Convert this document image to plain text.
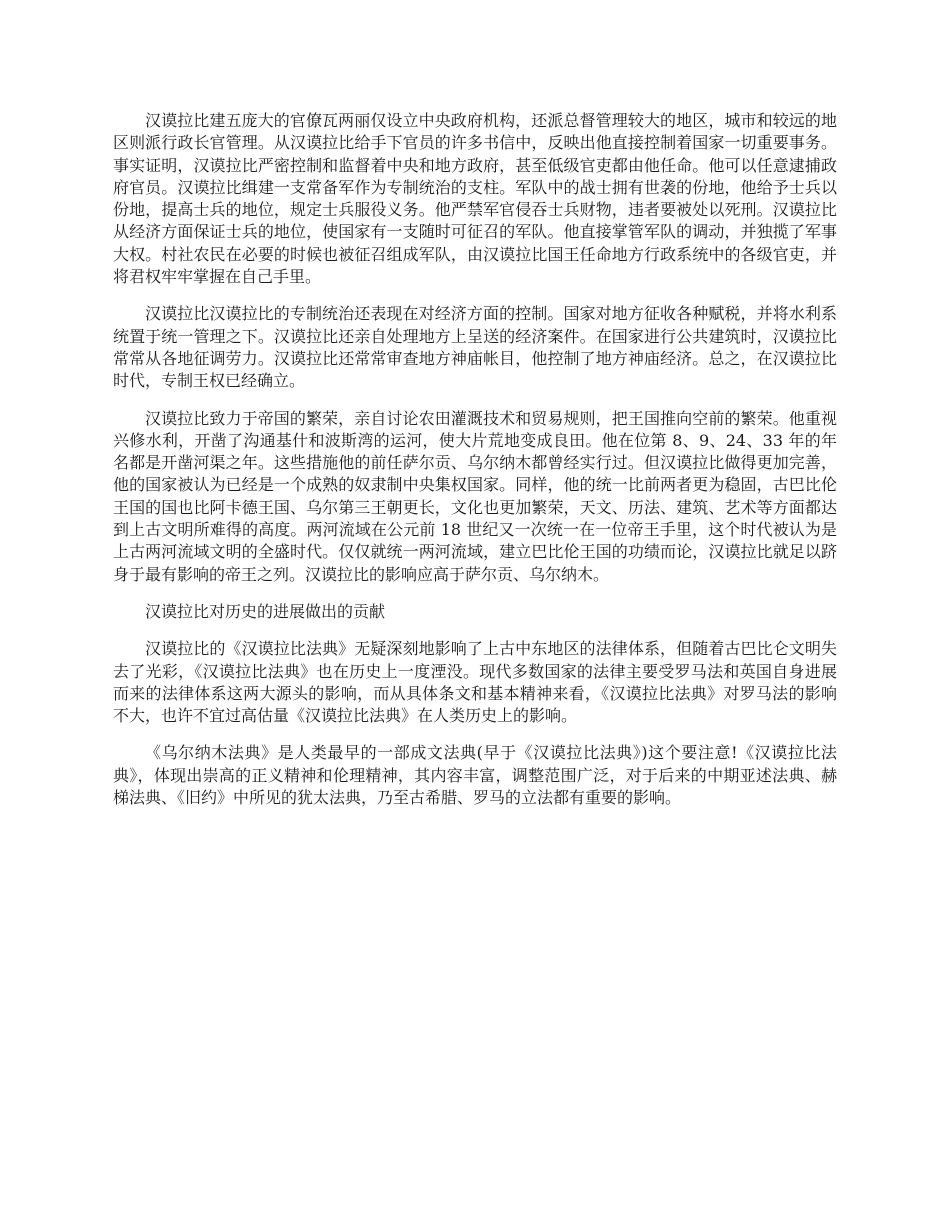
汉谟拉比建五庞大的官僚瓦两丽仅设立中央政府机构，还派总督管理较大的地区，城市和较远的地区则派行政长官管理。从汉谟拉比给手下官员的许多书信中，反映出他直接控制着国家一切重要事务。事实证明，汉谟拉比严密控制和监督着中央和地方政府，甚至低级官吏都由他任命。他可以任意逮捕政府官员。汉谟拉比缉建一支常备军作为专制统治的支柱。军队中的战士拥有世袭的份地，他给予士兵以份地，提高士兵的地位，规定士兵服役义务。他严禁军官侵吞士兵财物，违者要被处以死刑。汉谟拉比从经济方面保证士兵的地位，使国家有一支随时可征召的军队。他直接掌管军队的调动，并独揽了军事大权。村社农民在必要的时候也被征召组成军队，由汉谟拉比国王任命地方行政系统中的各级官吏，并将君权牢牢掌握在自己手里。

汉谟拉比汉谟拉比的专制统治还表现在对经济方面的控制。国家对地方征收各种赋税，并将水利系统置于统一管理之下。汉谟拉比还亲自处理地方上呈送的经济案件。在国家进行公共建筑时，汉谟拉比常常从各地征调劳力。汉谟拉比还常常审查地方神庙帐目，他控制了地方神庙经济。总之，在汉谟拉比时代，专制王权已经确立。

汉谟拉比致力于帝国的繁荣，亲自讨论农田灌溉技术和贸易规则，把王国推向空前的繁荣。他重视兴修水利，开凿了沟通基什和波斯湾的运河，使大片荒地变成良田。他在位第 8、9、24、33 年的年名都是开凿河渠之年。这些措施他的前任萨尔贡、乌尔纳木都曾经实行过。但汉谟拉比做得更加完善，他的国家被认为已经是一个成熟的奴隶制中央集权国家。同样，他的统一比前两者更为稳固，古巴比伦王国的国也比阿卡德王国、乌尔第三王朝更长，文化也更加繁荣，天文、历法、建筑、艺术等方面都达到上古文明所难得的高度。两河流域在公元前 18 世纪又一次统一在一位帝王手里，这个时代被认为是上古两河流域文明的全盛时代。仅仅就统一两河流域，建立巴比伦王国的功绩而论，汉谟拉比就足以跻身于最有影响的帝王之列。汉谟拉比的影响应高于萨尔贡、乌尔纳木。

汉谟拉比对历史的进展做出的贡献

汉谟拉比的《汉谟拉比法典》无疑深刻地影响了上古中东地区的法律体系，但随着古巴比仑文明失去了光彩，《汉谟拉比法典》也在历史上一度湮没。现代多数国家的法律主要受罗马法和英国自身进展而来的法律体系这两大源头的影响，而从具体条文和基本精神来看，《汉谟拉比法典》对罗马法的影响不大，也许不宜过高估量《汉谟拉比法典》在人类历史上的影响。

《乌尔纳木法典》是人类最早的一部成文法典(早于《汉谟拉比法典》)这个要注意!《汉谟拉比法典》，体现出崇高的正义精神和伦理精神，其内容丰富，调整范围广泛，对于后来的中期亚述法典、赫梯法典、《旧约》中所见的犹太法典，乃至古希腊、罗马的立法都有重要的影响。
